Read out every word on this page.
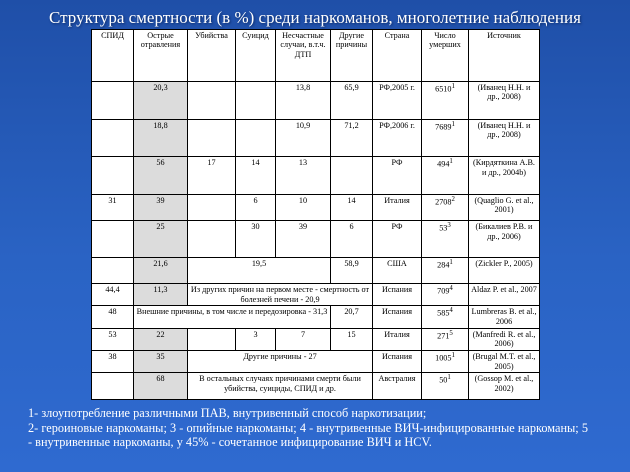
Структура смертности (в %) среди наркоманов, многолетние наблюдения
СПИД	Острые отравления	Убийства	Суицид	Несчастные случаи, в.т.ч. ДТП	Другие причины	Страна	Число умерших	Источник
	20,3			13,8	65,9	РФ,2005 г.	6510$^1$	(Иванец Н.Н. и др., 2008)
	18,8			10,9	71,2	РФ,2006 г.	7689$^1$	(Иванец Н.Н. и др., 2008)
	56	17	14	13		РФ	$494^1$	(Кирдяткина А.В. и др., 2004b)
31	39		6	10	14	Италия	2708$^2$	(Quaglio G. et al., 2001)
	25		30	39	6	РФ	$53^3$	(Бикалиев Р.В. и др., 2006)
	21,6	19,5			58,9	США	$284^1$	(Zickler P., 2005)
44,4	11,3	Из других причин на первом месте - смертность от болезней печени - 20,9				Испания	$709^4$	Aldaz P. et al., 2007
48	Внешние причины, в том числе и передозировка - 31,3				20,7	Испания	$585^4$	Lumbreras B. et al., 2006
53	22		3	7	15	Италия	$271^5$	(Manfredi R. et al., 2006)
38	35	Другие причины - 27				Испания	1005$^1$	(Brugal M.T. et al., 2005)
	68	В остальных случаях причинами смерти были убийства, суициды, СПИД и др.				Австралия	$50^1$	(Gossop M. et al., 2002)
1- злоупотребление различными ПАВ, внутривенный способ наркотизации;
2- героиновые наркоманы; 3 - опийные наркоманы; 4 - внутривенные ВИЧ-инфицированные наркоманы; 5 - внутривенные наркоманы, у 45% - сочетанное инфицирование ВИЧ и HCV.
